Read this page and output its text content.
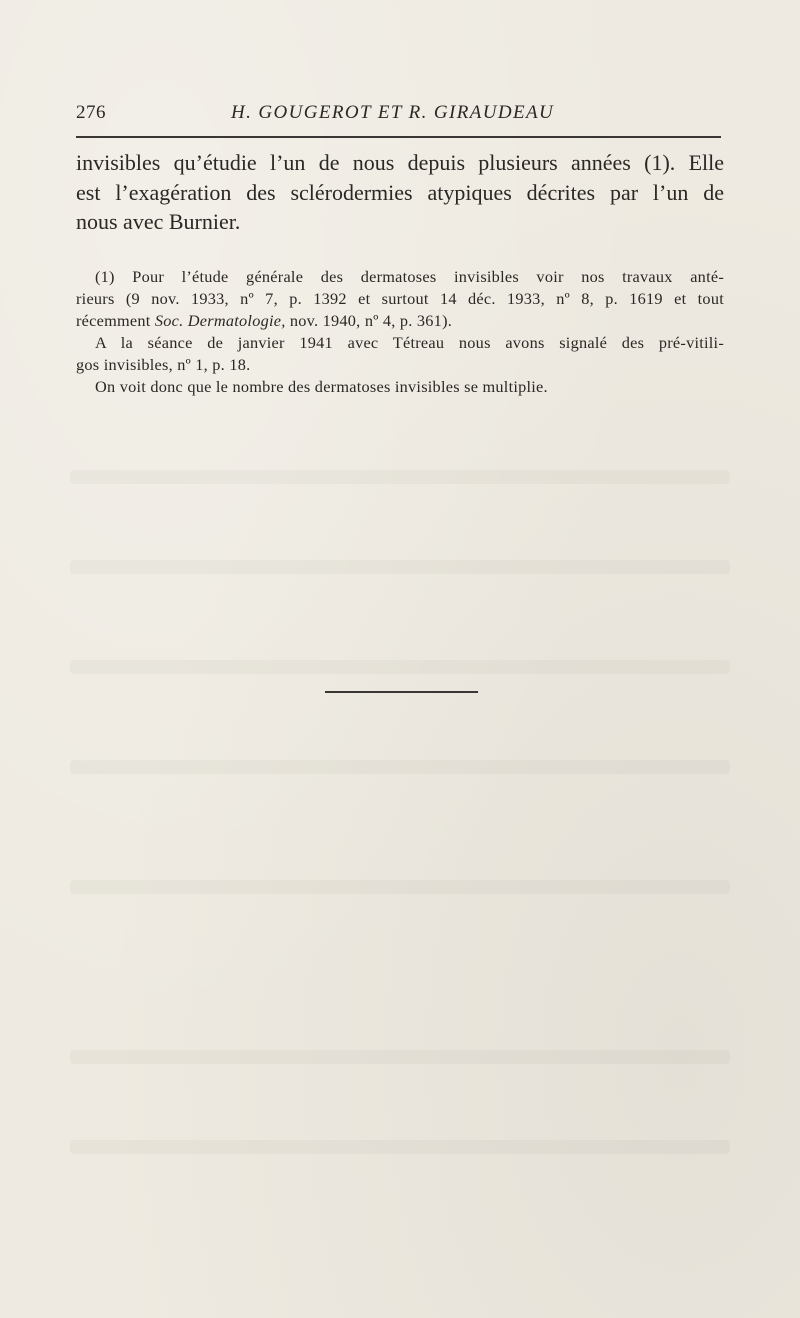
276	H. GOUGEROT ET R. GIRAUDEAU
invisibles qu’étudie l’un de nous depuis plusieurs années (1). Elle
est l’exagération des sclérodermies atypiques décrites par l’un de
nous avec Burnier.

(1) Pour l’étude générale des dermatoses invisibles voir nos travaux anté-
rieurs (9 nov. 1933, nº 7, p. 1392 et surtout 14 déc. 1933, nº 8, p. 1619 et tout
récemment Soc. Dermatologie, nov. 1940, nº 4, p. 361).

A la séance de janvier 1941 avec Tétreau nous avons signalé des pré-vitili-
gos invisibles, nº 1, p. 18.

On voit donc que le nombre des dermatoses invisibles se multiplie.
